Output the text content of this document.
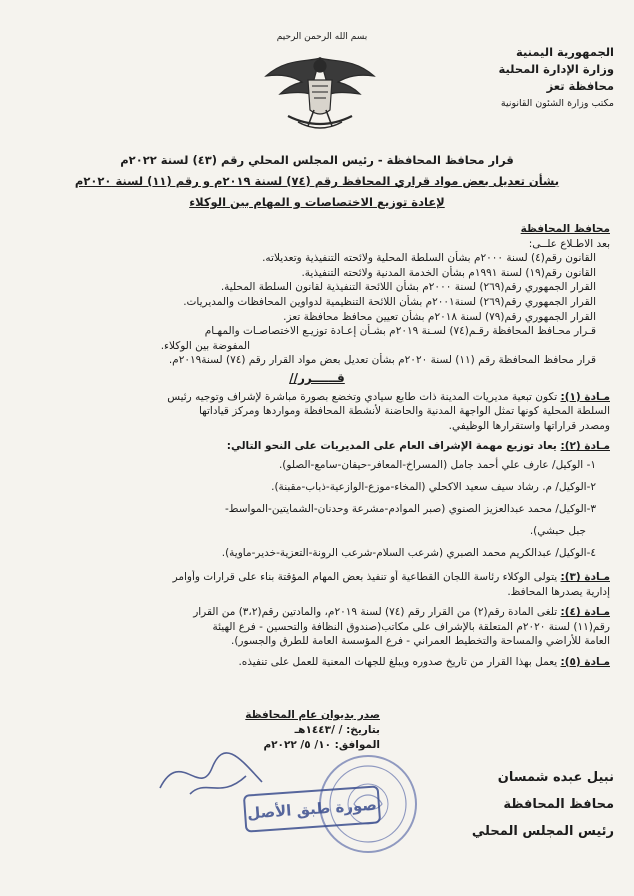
الجمهورية اليمنية
وزارة الإدارة المحلية
محافظة تعز
مكتب وزارة الشئون القانونية
بسم الله الرحمن الرحيم
قرار محافظ المحافظة - رئيس المجلس المحلي رقم (٤٣) لسنة ٢٠٢٢م
بشأن تعديل بعض مواد قراري المحافظ رقم (٧٤) لسنة ٢٠١٩م و رقم (١١) لسنة ٢٠٢٠م
لإعادة توزيع الاختصاصات و المهام بين الوكلاء
محافظ المحافظة
بعد الاطـلاع علــى:
القانون رقم(٤) لسنة ٢٠٠٠م بشأن السلطة المحلية ولائحته التنفيذية وتعديلاته.
القانون رقم(١٩) لسنة ١٩٩١م بشأن الخدمة المدنية ولائحته التنفيذية.
القرار الجمهوري رقم(٢٦٩) لسنة ٢٠٠٠م بشأن اللائحة التنفيذية لقانون السلطة المحلية.
القرار الجمهوري رقم(٢٦٩) لسنة٢٠٠١م بشأن اللائحة التنظيمية لدواوين المحافظات والمديريات.
القرار الجمهوري رقم(٧٩) لسنة ٢٠١٨م بشأن تعيين محافظ محافظة تعز.
قـرار محـافظ المحافظة رقـم(٧٤) لسـنة ٢٠١٩م بشـأن إعـادة توزيـع الاختصاصـات والمهـام
المفوضة بين الوكلاء.
قرار محافظ المحافظة رقم (١١) لسنة ٢٠٢٠م بشأن تعديل بعض مواد القرار رقم (٧٤) لسنة٢٠١٩م.
قــــــرر//
مـادة (١): تكون تبعية مديريات المدينة ذات طابع سيادي وتخضع بصورة مباشرة لإشراف وتوجيه رئيس
السلطة المحلية كونها تمثل الواجهة المدنية والحاضنة لأنشطة المحافظة ومواردها ومركز قياداتها
ومصدر قراراتها واستقرارها الوظيفي.
مـادة (٢): يعاد توزيع مهمة الإشراف العام على المديريات على النحو التالي:
١- الوكيل/ عارف علي أحمد جامل (المسراخ-المعافر-حيفان-سامع-الصلو).
٢-الوكيل/ م. رشاد سيف سعيد الاكحلي (المخاء-موزع-الوازعية-ذباب-مقبنة).
٣-الوكيل/ محمد عبدالعزيز الصنوي (صبر الموادم-مشرعة وحدنان-الشمايتين-المواسط-
جبل حبشي).
٤-الوكيل/ عبدالكريم محمد الصبري (شرعب السلام-شرعب الرونة-التعزية-خدير-ماوية).
مـادة (٣): يتولى الوكلاء رئاسة اللجان القطاعية أو تنفيذ بعض المهام المؤقتة بناء على قرارات وأوامر
إدارية يصدرها المحافظ.
مـادة (٤): تلغى المادة رقم(٢) من القرار رقم (٧٤) لسنة ٢٠١٩م، والمادتين رقم(٣،٢) من القرار
رقم(١١) لسنة ٢٠٢٠م المتعلقة بالإشراف على مكاتب(صندوق النظافة والتحسين - فرع الهيئة
العامة للأراضي والمساحة والتخطيط العمراني - فرع المؤسسة العامة للطرق والجسور).
مـادة (٥): يعمل بهذا القرار من تاريخ صدوره ويبلغ للجهات المعنية للعمل على تنفيذه.
صدر بديوان عام المحافظة
بتاريخ: / /١٤٤٣هـ
الموافق: ١٠/ ٥/ ٢٠٢٢م
صورة طبق الأصل
نبيل عبده شمسان
محافظ المحافظة
رئيس المجلس المحلي
